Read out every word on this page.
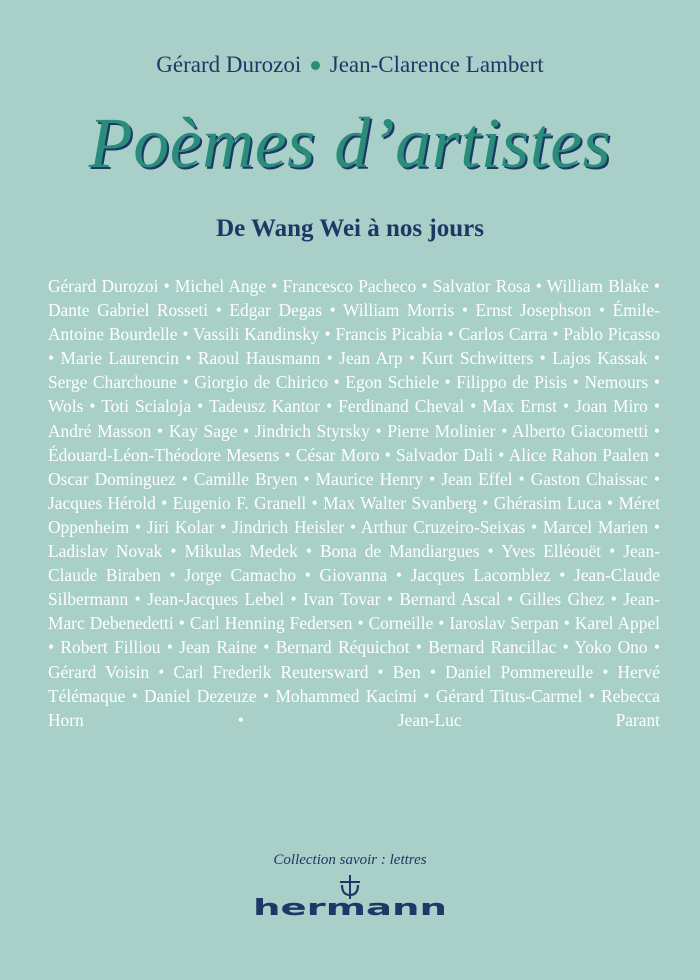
Gérard Durozoi Jean-Clarence Lambert
Poèmes d’artistes
De Wang Wei à nos jours
Gérard Durozoi • Michel Ange • Francesco Pacheco • Salvator Rosa • William Blake • Dante Gabriel Rosseti • Edgar Degas • William Morris • Ernst Josephson • Émile-Antoine Bourdelle • Vassili Kandinsky • Francis Picabia • Carlos Carra • Pablo Picasso • Marie Laurencin • Raoul Hausmann • Jean Arp • Kurt Schwitters • Lajos Kassak • Serge Charchoune • Giorgio de Chirico • Egon Schiele • Filippo de Pisis • Nemours • Wols • Toti Scialoja • Tadeusz Kantor • Ferdinand Cheval • Max Ernst • Joan Miro • André Masson • Kay Sage • Jindrich Styrsky • Pierre Molinier • Alberto Giacometti • Édouard-Léon-Théodore Mesens • César Moro • Salvador Dali • Alice Rahon Paalen • Oscar Dominguez • Camille Bryen • Maurice Henry • Jean Effel • Gaston Chaissac • Jacques Hérold • Eugenio F. Granell • Max Walter Svanberg • Ghérasim Luca • Méret Oppenheim • Jiri Kolar • Jindrich Heisler • Arthur Cruzeiro-Seixas • Marcel Marien • Ladislav Novak • Mikulas Medek • Bona de Mandiargues • Yves Elléouët • Jean-Claude Biraben • Jorge Camacho • Giovanna • Jacques Lacomblez • Jean-Claude Silbermann • Jean-Jacques Lebel • Ivan Tovar • Bernard Ascal • Gilles Ghez • Jean-Marc Debenedetti • Carl Henning Federsen • Corneille • Iaroslav Serpan • Karel Appel • Robert Filliou • Jean Raine • Bernard Réquichot • Bernard Rancillac • Yoko Ono • Gérard Voisin • Carl Frederik Reutersward • Ben • Daniel Pommereulle • Hervé Télémaque • Daniel Dezeuze • Mohammed Kacimi • Gérard Titus-Carmel • Rebecca Horn • Jean-Luc Parant
Collection savoir : lettres
hermann
